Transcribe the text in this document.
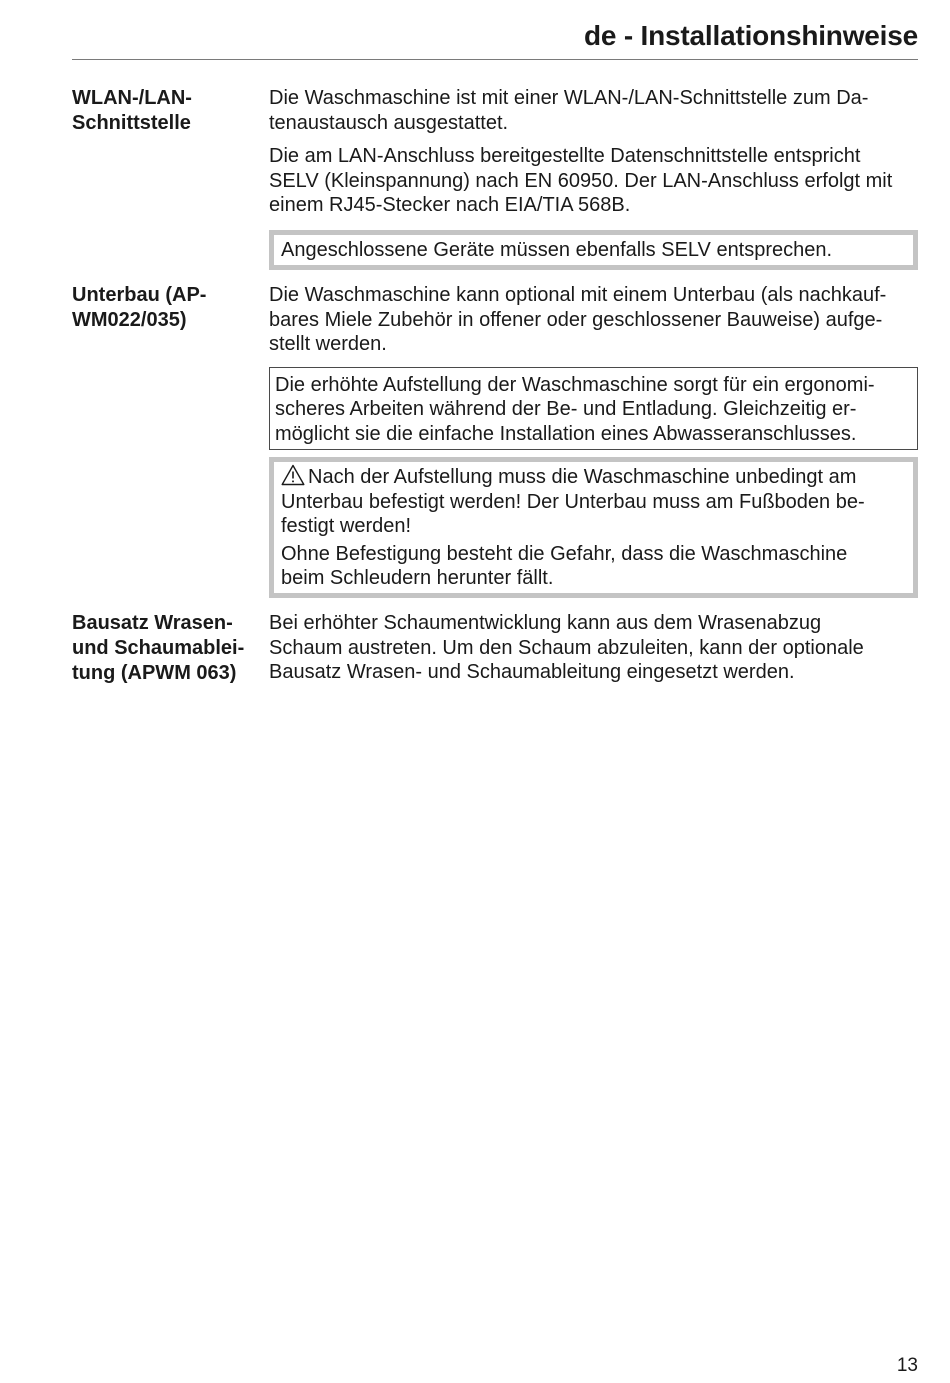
de - Installationshinweise
WLAN-/LAN-
Schnittstelle

Die Waschmaschine ist mit einer WLAN-/LAN-Schnittstelle zum Da-
tenaustausch ausgestattet.

Die am LAN-Anschluss bereitgestellte Datenschnittstelle entspricht
SELV (Kleinspannung) nach EN 60950. Der LAN-Anschluss erfolgt mit
einem RJ45-Stecker nach EIA/TIA 568B.

Angeschlossene Geräte müssen ebenfalls SELV entsprechen.
Unterbau (AP-
WM022/035)

Die Waschmaschine kann optional mit einem Unterbau (als nachkauf-
bares Miele Zubehör in offener oder geschlossener Bauweise) aufge-
stellt werden.

Die erhöhte Aufstellung der Waschmaschine sorgt für ein ergonomi-
scheres Arbeiten während der Be- und Entladung. Gleichzeitig er-
möglicht sie die einfache Installation eines Abwasseranschlusses.
Nach der Aufstellung muss die Waschmaschine unbedingt am
Unterbau befestigt werden! Der Unterbau muss am Fußboden be-
festigt werden!
Ohne Befestigung besteht die Gefahr, dass die Waschmaschine
beim Schleudern herunter fällt.
Bausatz Wrasen-
und Schaumablei-
tung (APWM 063)

Bei erhöhter Schaumentwicklung kann aus dem Wrasenabzug
Schaum austreten. Um den Schaum abzuleiten, kann der optionale
Bausatz Wrasen- und Schaumableitung eingesetzt werden.

13
